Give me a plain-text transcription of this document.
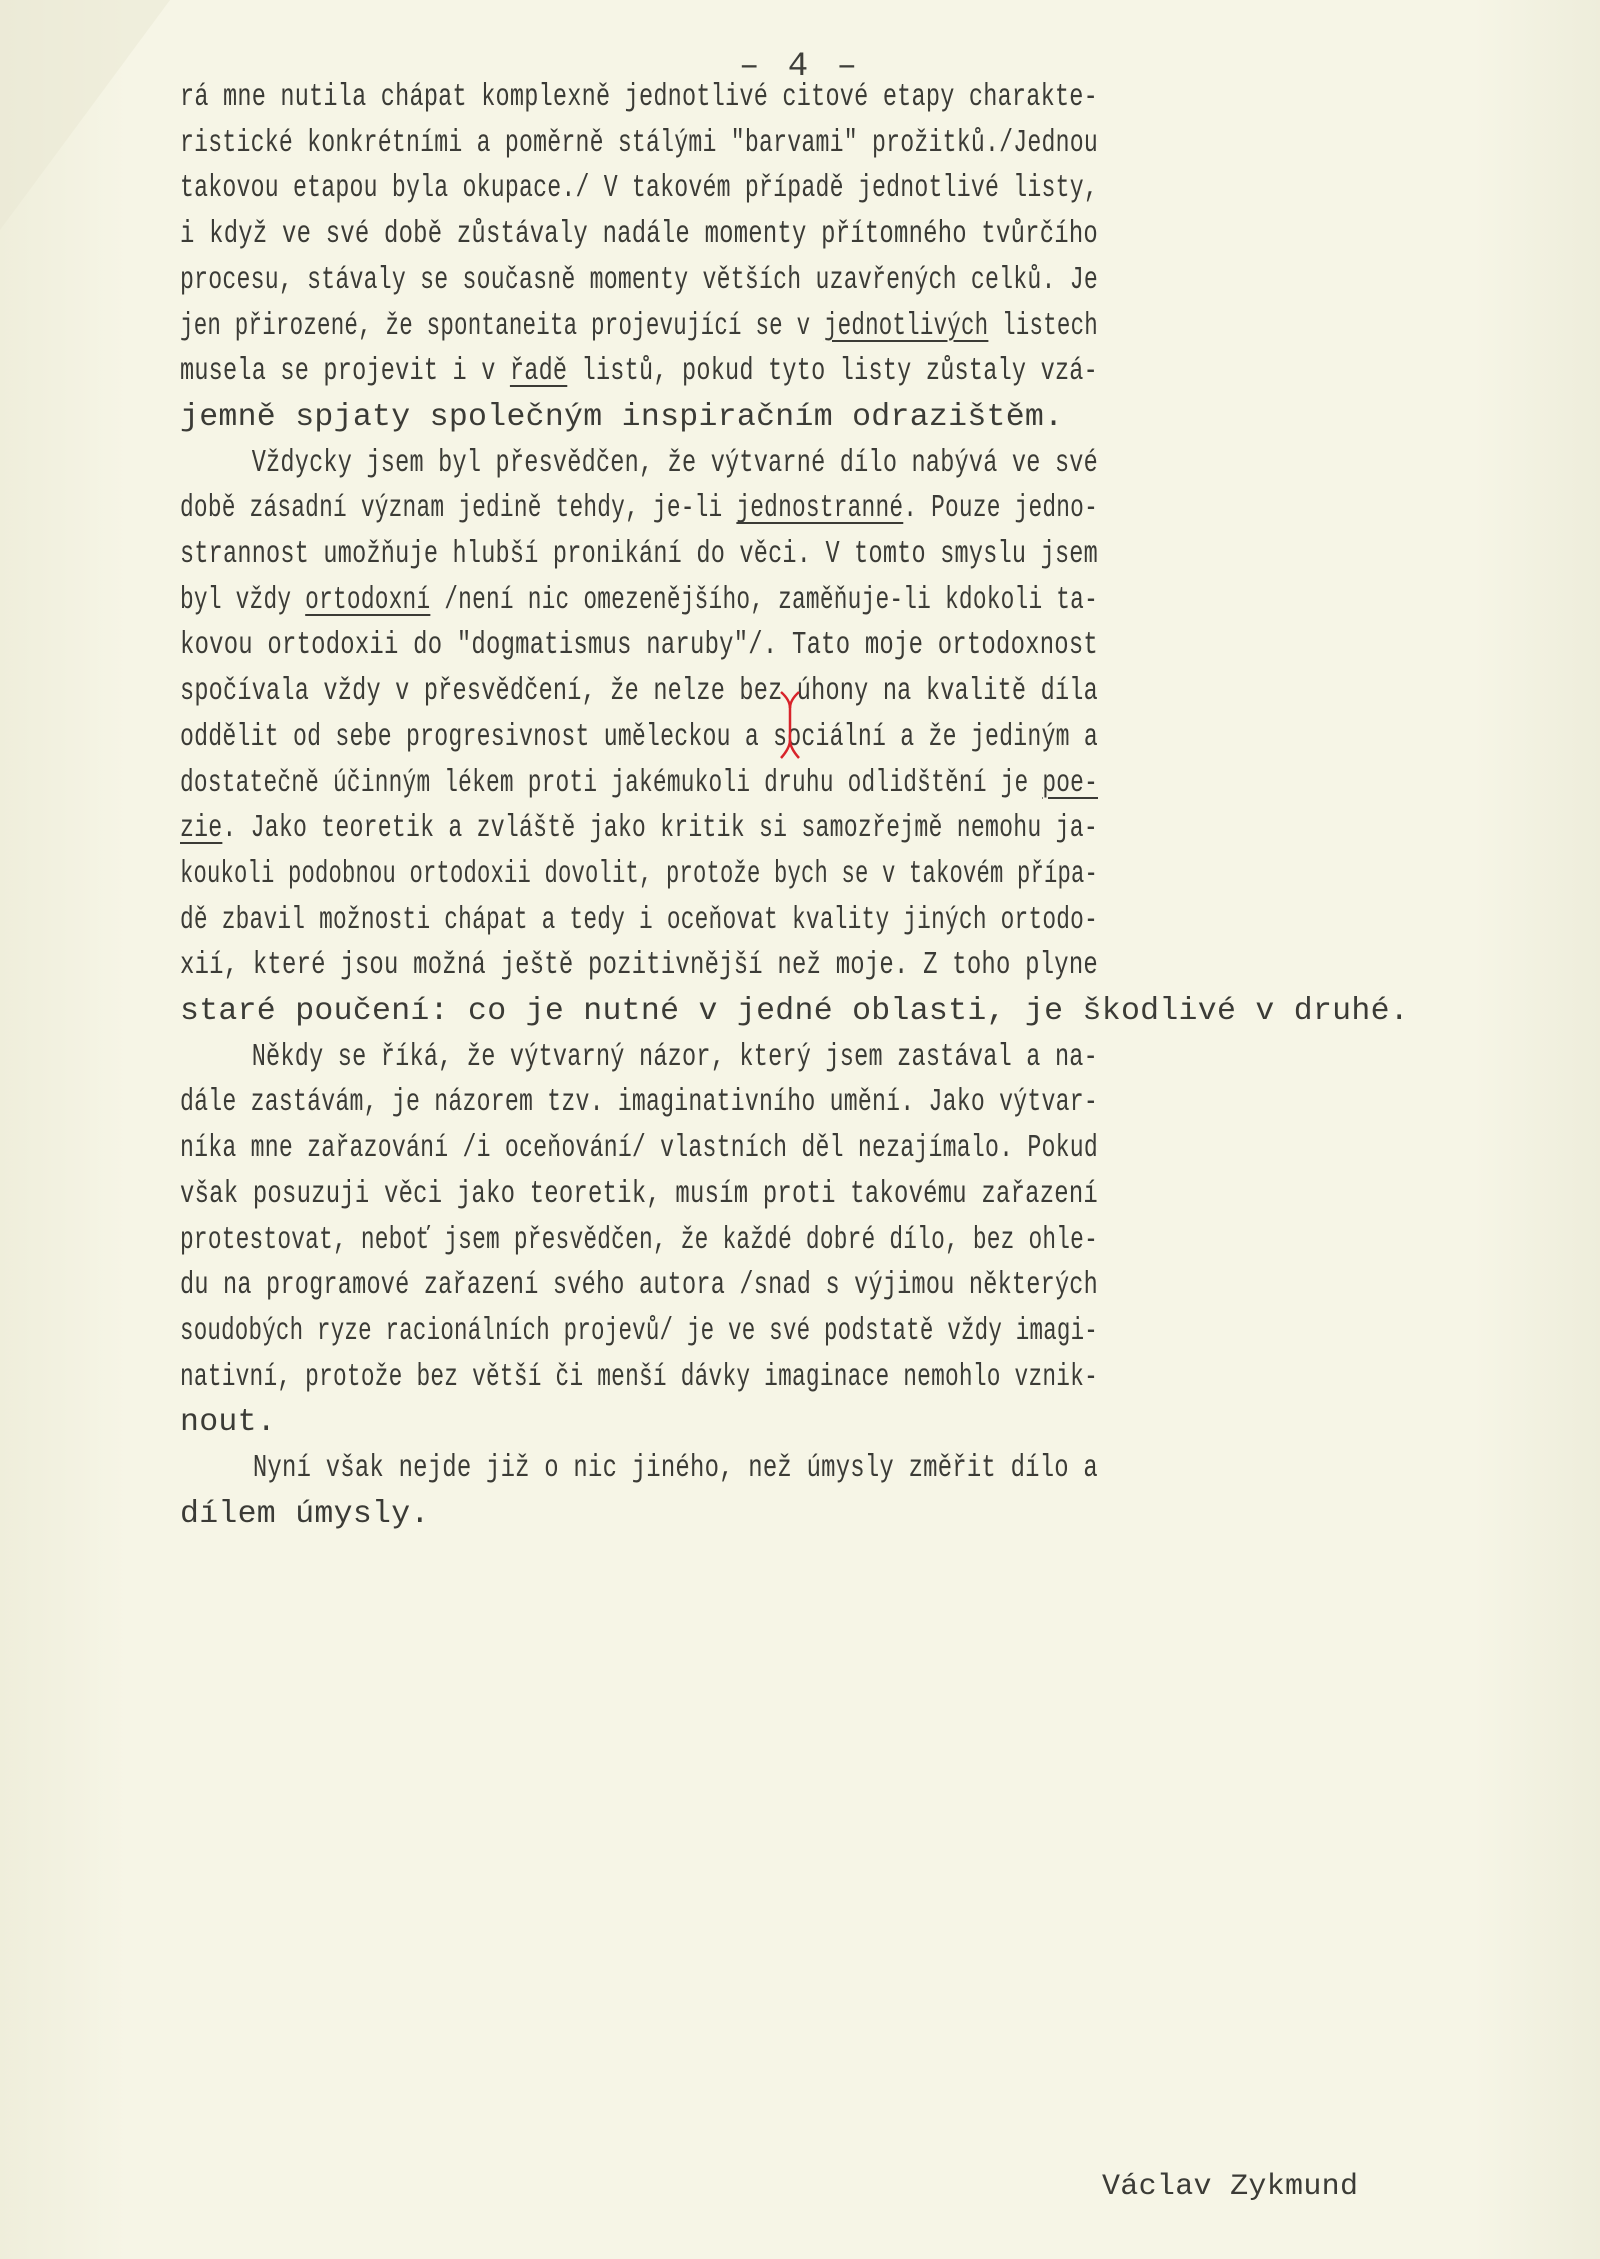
– 4 –
rá mne nutila chápat komplexně jednotlivé citové etapy charakte-
ristické konkrétními a poměrně stálými "barvami" prožitků./Jednou
takovou etapou byla okupace./ V takovém případě jednotlivé listy,
i když ve své době zůstávaly nadále momenty přítomného tvůrčího
procesu, stávaly se současně momenty větších uzavřených celků. Je
jen přirozené, že spontaneita projevující se v jednotlivých listech
musela se projevit i v řadě listů, pokud tyto listy zůstaly vzá-
jemně spjaty společným inspiračním odrazištěm.
Vždycky jsem byl přesvědčen, že výtvarné dílo nabývá ve své
době zásadní význam jedině tehdy, je-li jednostranné. Pouze jedno-
strannost umožňuje hlubší pronikání do věci. V tomto smyslu jsem
byl vždy ortodoxní /není nic omezenějšího, zaměňuje-li kdokoli ta-
kovou ortodoxii do "dogmatismus naruby"/. Tato moje ortodoxnost
spočívala vždy v přesvědčení, že nelze bez úhony na kvalitě díla
oddělit od sebe progresivnost uměleckou a sociální a že jediným a
dostatečně účinným lékem proti jakémukoli druhu odlidštění je poe-
zie. Jako teoretik a zvláště jako kritik si samozřejmě nemohu ja-
koukoli podobnou ortodoxii dovolit, protože bych se v takovém přípa-
dě zbavil možnosti chápat a tedy i oceňovat kvality jiných ortodo-
xií, které jsou možná ještě pozitivnější než moje. Z toho plyne
staré poučení: co je nutné v jedné oblasti, je škodlivé v druhé.
Někdy se říká, že výtvarný názor, který jsem zastával a na-
dále zastávám, je názorem tzv. imaginativního umění. Jako výtvar-
níka mne zařazování /i oceňování/ vlastních děl nezajímalo. Pokud
však posuzuji věci jako teoretik, musím proti takovému zařazení
protestovat, neboť jsem přesvědčen, že každé dobré dílo, bez ohle-
du na programové zařazení svého autora /snad s výjimou některých
soudobých ryze racionálních projevů/ je ve své podstatě vždy imagi-
nativní, protože bez větší či menší dávky imaginace nemohlo vznik-
nout.
Nyní však nejde již o nic jiného, než úmysly změřit dílo a
dílem úmysly.
Václav Zykmund
